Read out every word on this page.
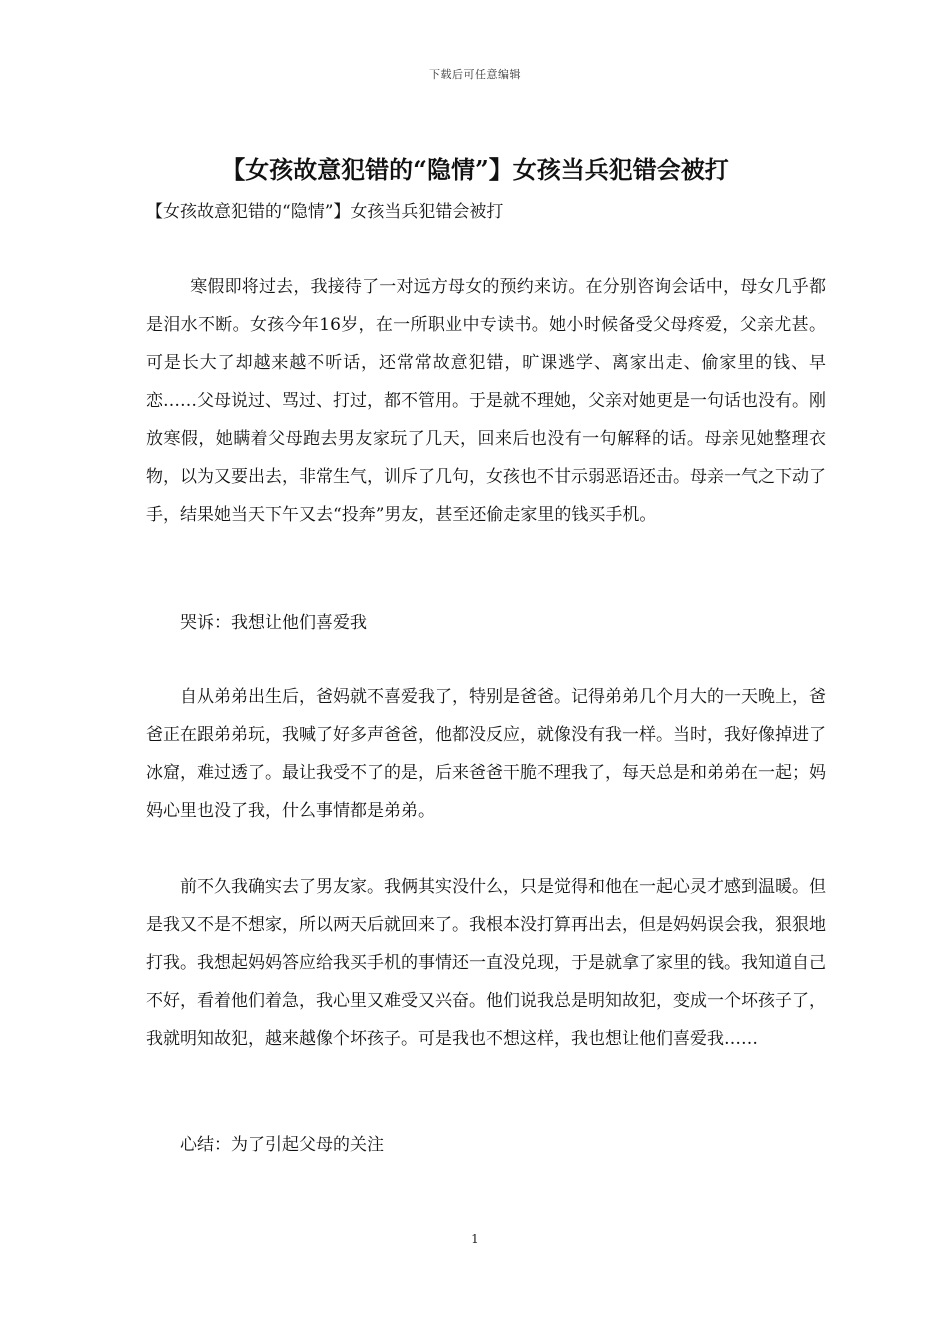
下载后可任意编辑
【女孩故意犯错的“隐情”】女孩当兵犯错会被打

【女孩故意犯错的“隐情”】女孩当兵犯错会被打

寒假即将过去，我接待了一对远方母女的预约来访。在分别咨询会话中，母女几乎都是泪水不断。女孩今年16岁，在一所职业中专读书。她小时候备受父母疼爱，父亲尤甚。可是长大了却越来越不听话，还常常故意犯错，旷课逃学、离家出走、偷家里的钱、早恋……父母说过、骂过、打过，都不管用。于是就不理她，父亲对她更是一句话也没有。刚放寒假，她瞒着父母跑去男友家玩了几天，回来后也没有一句解释的话。母亲见她整理衣物，以为又要出去，非常生气，训斥了几句，女孩也不甘示弱恶语还击。母亲一气之下动了手，结果她当天下午又去“投奔”男友，甚至还偷走家里的钱买手机。

哭诉：我想让他们喜爱我

自从弟弟出生后，爸妈就不喜爱我了，特别是爸爸。记得弟弟几个月大的一天晚上，爸爸正在跟弟弟玩，我喊了好多声爸爸，他都没反应，就像没有我一样。当时，我好像掉进了冰窟，难过透了。最让我受不了的是，后来爸爸干脆不理我了，每天总是和弟弟在一起；妈妈心里也没了我，什么事情都是弟弟。

前不久我确实去了男友家。我俩其实没什么，只是觉得和他在一起心灵才感到温暖。但是我又不是不想家，所以两天后就回来了。我根本没打算再出去，但是妈妈误会我，狠狠地打我。我想起妈妈答应给我买手机的事情还一直没兑现，于是就拿了家里的钱。我知道自己不好，看着他们着急，我心里又难受又兴奋。他们说我总是明知故犯，变成一个坏孩子了，我就明知故犯，越来越像个坏孩子。可是我也不想这样，我也想让他们喜爱我……

心结：为了引起父母的关注

1
